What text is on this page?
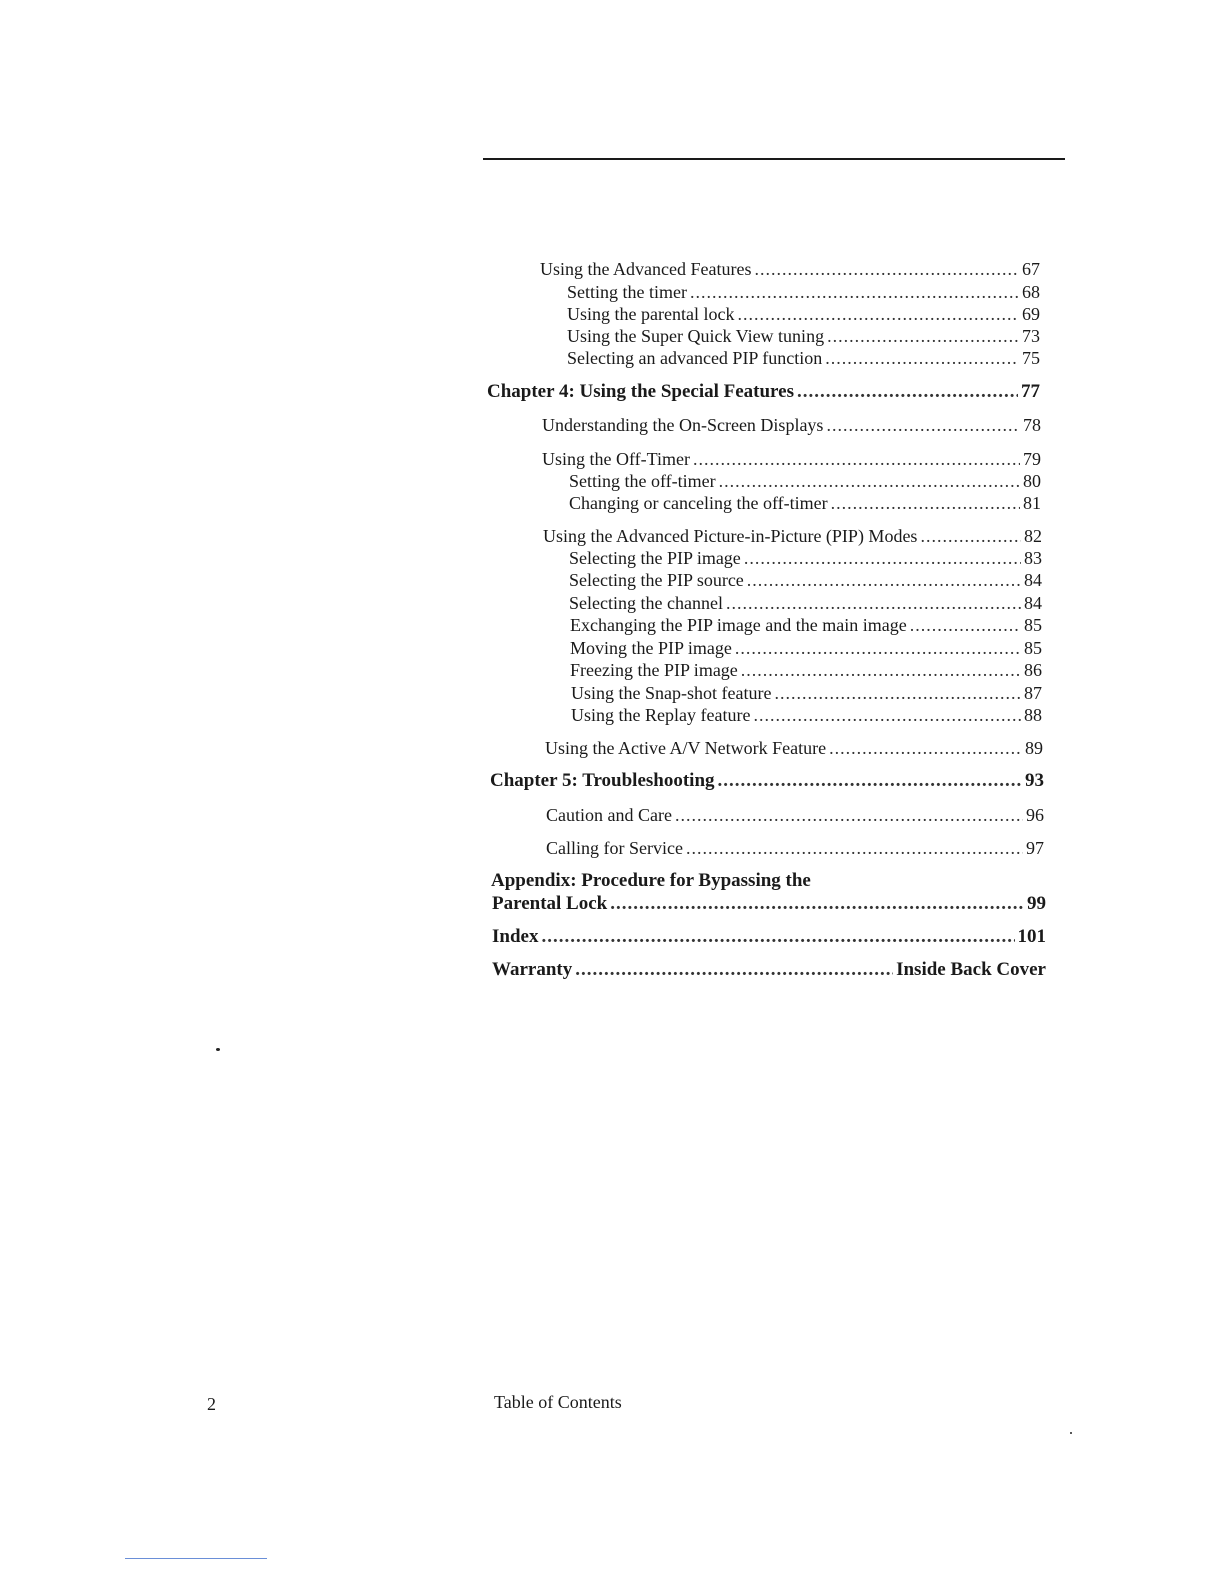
Using the Advanced Features .....	67
Setting the timer .....	68
Using the parental lock .....	69
Using the Super Quick View tuning .....	73
Selecting an advanced PIP function .....	75
Chapter 4: Using the Special Features .....	77
Understanding the On-Screen Displays .....	78
Using the Off-Timer .....	79
Setting the off-timer .....	80
Changing or canceling the off-timer .....	81
Using the Advanced Picture-in-Picture (PIP) Modes .....	82
Selecting the PIP image .....	83
Selecting the PIP source .....	84
Selecting the channel .....	84
Exchanging the PIP image and the main image .....	85
Moving the PIP image .....	85
Freezing the PIP image .....	86
Using the Snap-shot feature .....	87
Using the Replay feature .....	88
Using the Active A/V Network Feature .....	89
Chapter 5: Troubleshooting .....	93
Caution and Care .....	96
Calling for Service .....	97
Appendix: Procedure for Bypassing the
Parental Lock .....	99
Index .....	101
Warranty .....	Inside Back Cover
2	Table of Contents
